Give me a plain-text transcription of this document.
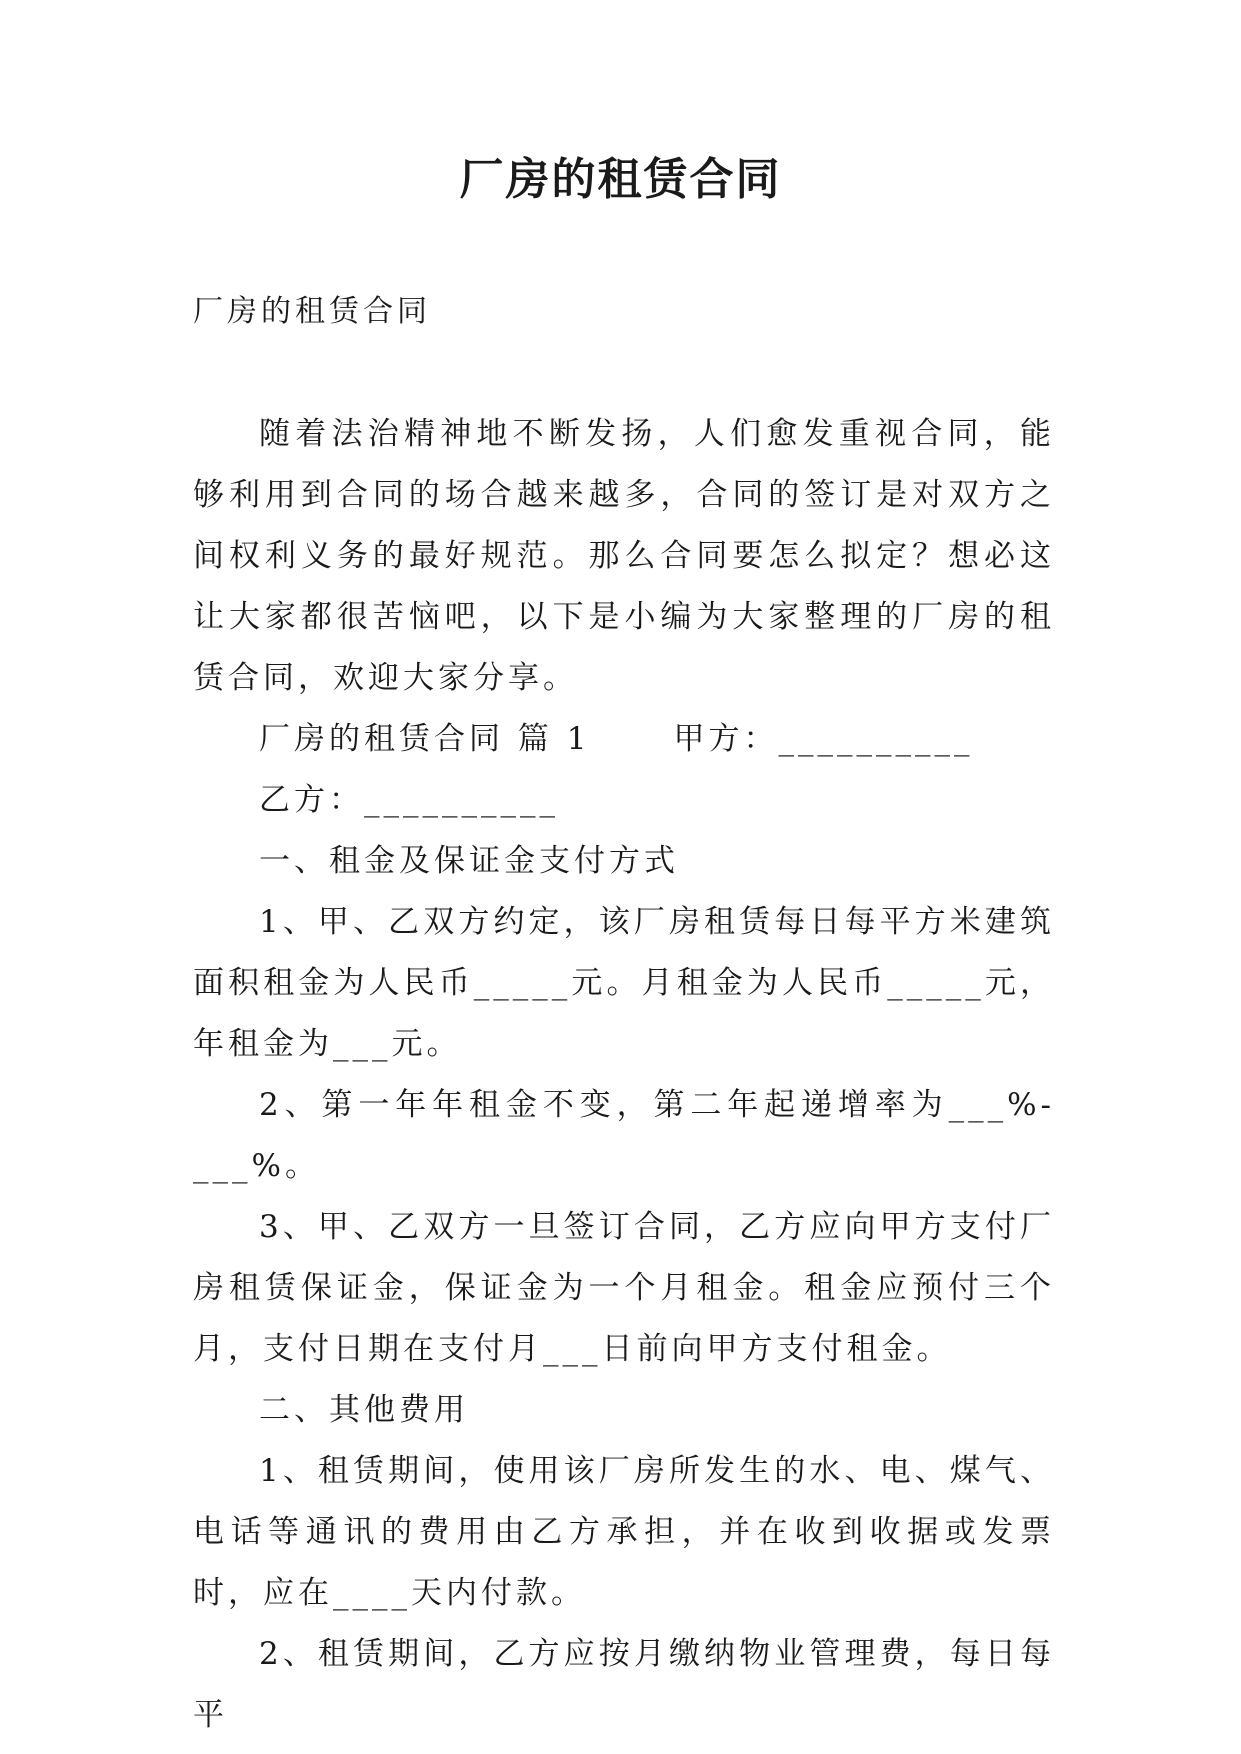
厂房的租赁合同

厂房的租赁合同

随着法治精神地不断发扬，人们愈发重视合同，能够利用到合同的场合越来越多，合同的签订是对双方之间权利义务的最好规范。那么合同要怎么拟定？想必这让大家都很苦恼吧，以下是小编为大家整理的厂房的租赁合同，欢迎大家分享。

厂房的租赁合同 篇 1      甲方：__________

乙方：__________

一、租金及保证金支付方式

1、甲、乙双方约定，该厂房租赁每日每平方米建筑面积租金为人民币_____元。月租金为人民币_____元，年租金为___元。

2、第一年年租金不变，第二年起递增率为___%-___%。

3、甲、乙双方一旦签订合同，乙方应向甲方支付厂房租赁保证金，保证金为一个月租金。租金应预付三个月，支付日期在支付月___日前向甲方支付租金。

二、其他费用

1、租赁期间，使用该厂房所发生的水、电、煤气、电话等通讯的费用由乙方承担，并在收到收据或发票时，应在____天内付款。

2、租赁期间，乙方应按月缴纳物业管理费，每日每平
